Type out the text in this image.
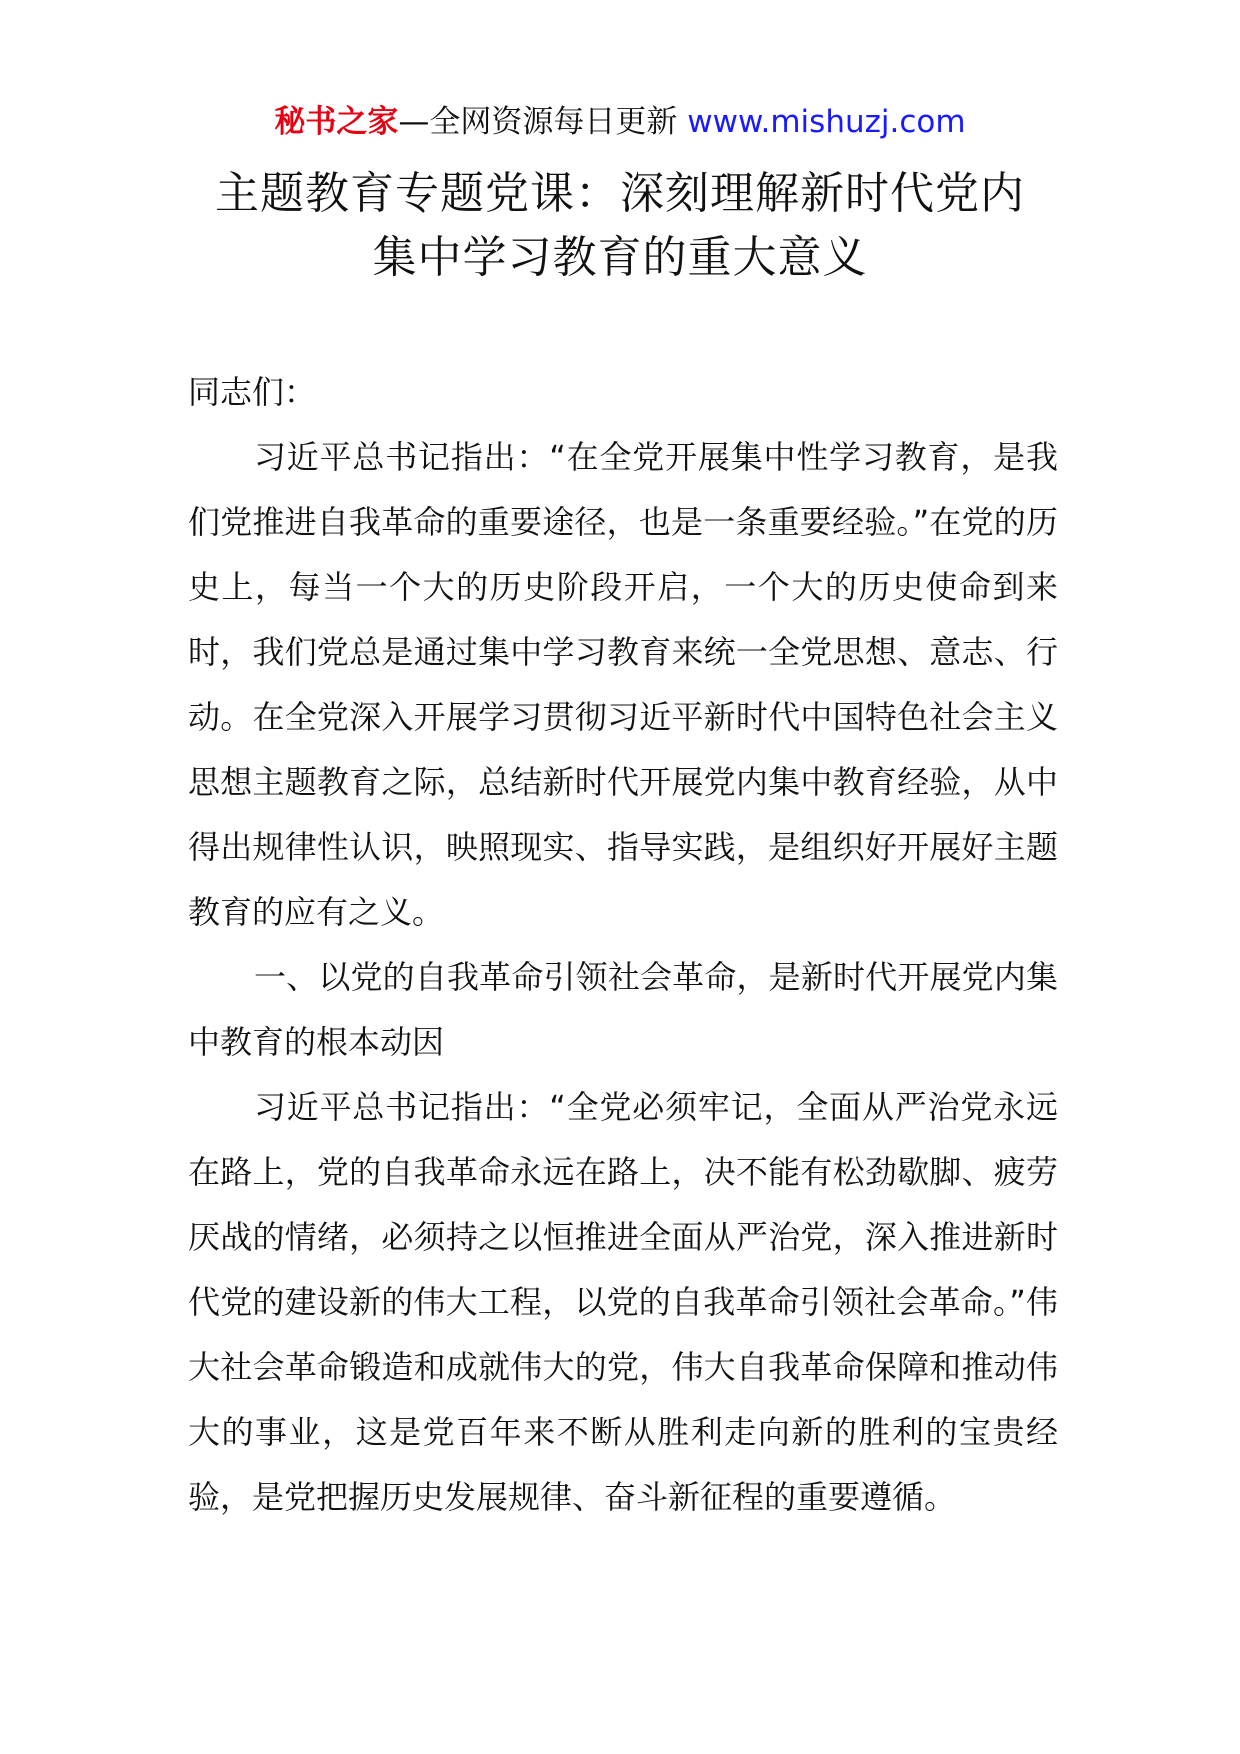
秘书之家—全网资源每日更新 www.mishuzj.com
主题教育专题党课：深刻理解新时代党内
集中学习教育的重大意义

同志们：

习近平总书记指出：“在全党开展集中性学习教育，是我们党推进自我革命的重要途径，也是一条重要经验。”在党的历史上，每当一个大的历史阶段开启，一个大的历史使命到来时，我们党总是通过集中学习教育来统一全党思想、意志、行动。在全党深入开展学习贯彻习近平新时代中国特色社会主义思想主题教育之际，总结新时代开展党内集中教育经验，从中得出规律性认识，映照现实、指导实践，是组织好开展好主题教育的应有之义。

一、以党的自我革命引领社会革命，是新时代开展党内集中教育的根本动因

习近平总书记指出：“全党必须牢记，全面从严治党永远在路上，党的自我革命永远在路上，决不能有松劲歇脚、疲劳厌战的情绪，必须持之以恒推进全面从严治党，深入推进新时代党的建设新的伟大工程，以党的自我革命引领社会革命。”伟大社会革命锻造和成就伟大的党，伟大自我革命保障和推动伟大的事业，这是党百年来不断从胜利走向新的胜利的宝贵经验，是党把握历史发展规律、奋斗新征程的重要遵循。
